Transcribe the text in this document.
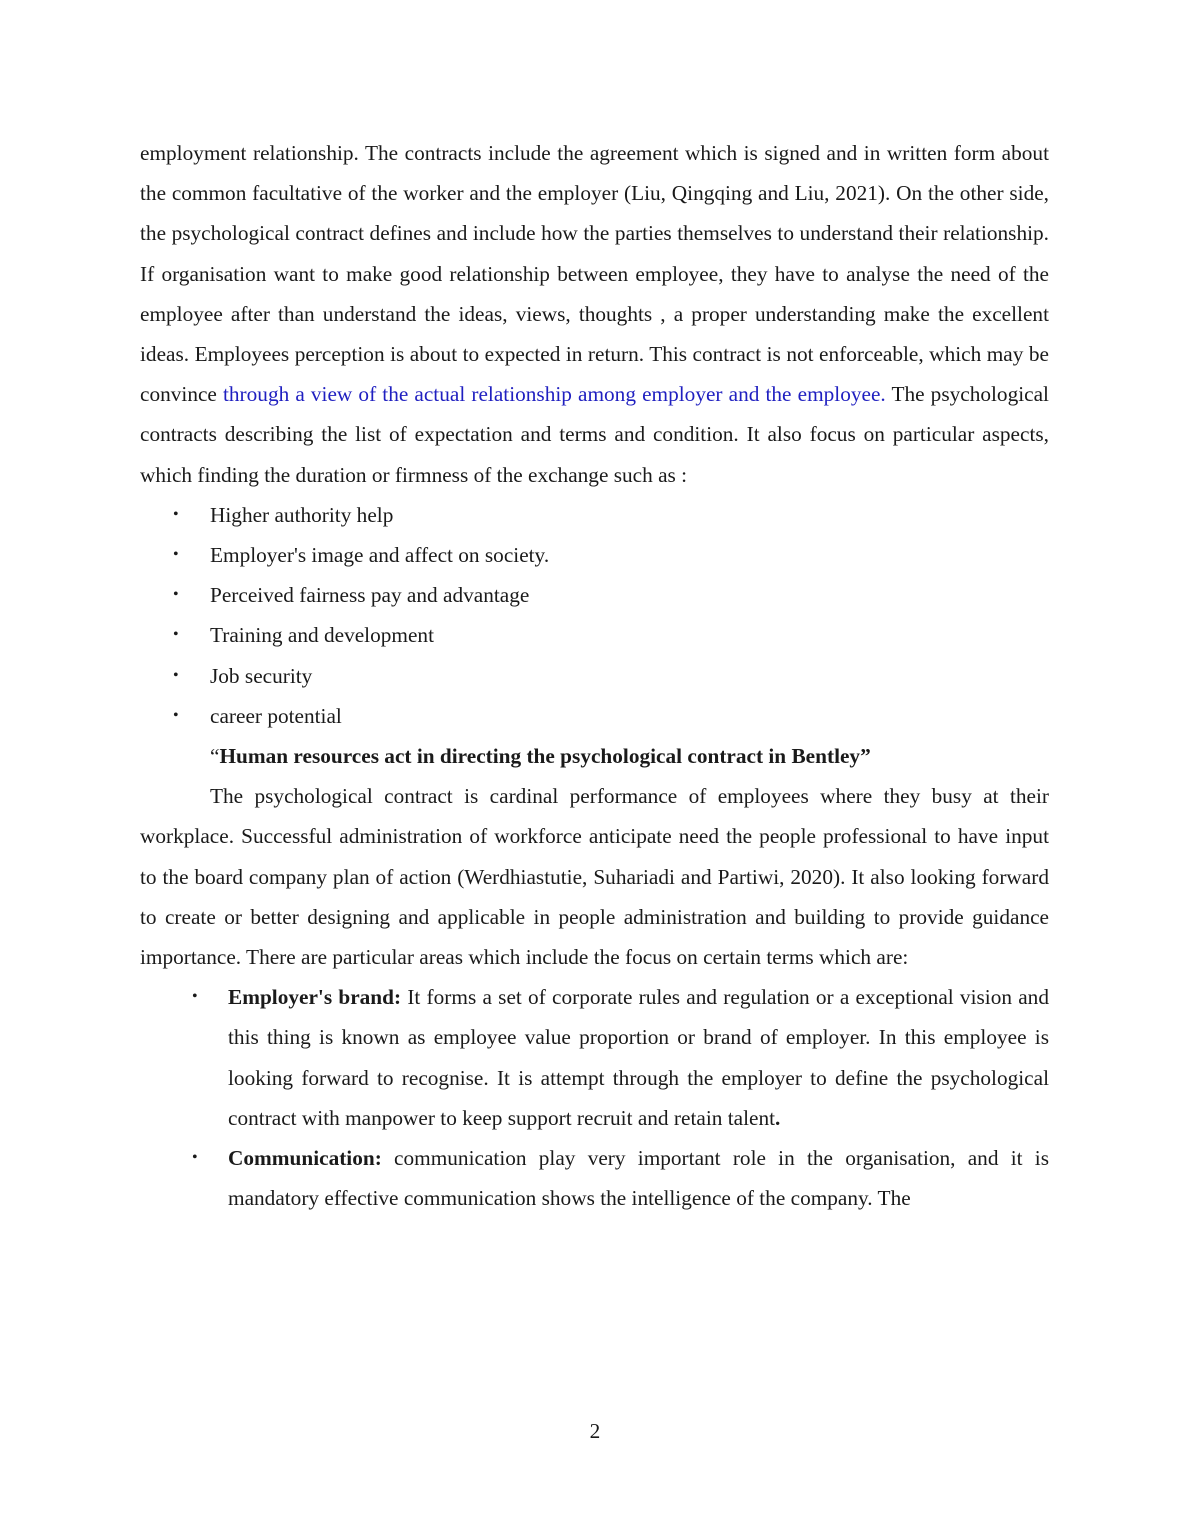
employment relationship. The contracts include the agreement which is signed and in written form about the common facultative of the worker and the employer (Liu, Qingqing and Liu, 2021). On the other side, the psychological contract defines and include how the parties themselves to understand their relationship. If organisation want to make good relationship between employee, they have to analyse the need of the employee after than understand the ideas, views, thoughts , a proper understanding make the excellent ideas. Employees perception is about to expected in return. This contract is not enforceable, which may be convince through a view of the actual relationship among employer and the employee. The psychological contracts describing the list of expectation and terms and condition. It also focus on particular aspects, which finding the duration or firmness of the exchange such as :

• Higher authority help
• Employer's image and affect on society.
• Perceived fairness pay and advantage
• Training and development
• Job security
• career potential
“Human resources act in directing the psychological contract in Bentley”

The psychological contract is cardinal performance of employees where they busy at their workplace. Successful administration of workforce anticipate need the people professional to have input to the board company plan of action (Werdhiastutie, Suhariadi and Partiwi, 2020). It also looking forward to create or better designing and applicable in people administration and building to provide guidance importance. There are particular areas which include the focus on certain terms which are:

• Employer's brand: It forms a set of corporate rules and regulation or a exceptional vision and this thing is known as employee value proportion or brand of employer. In this employee is looking forward to recognise. It is attempt through the employer to define the psychological contract with manpower to keep support recruit and retain talent.
• Communication: communication play very important role in the organisation, and it is mandatory effective communication shows the intelligence of the company. The
2
